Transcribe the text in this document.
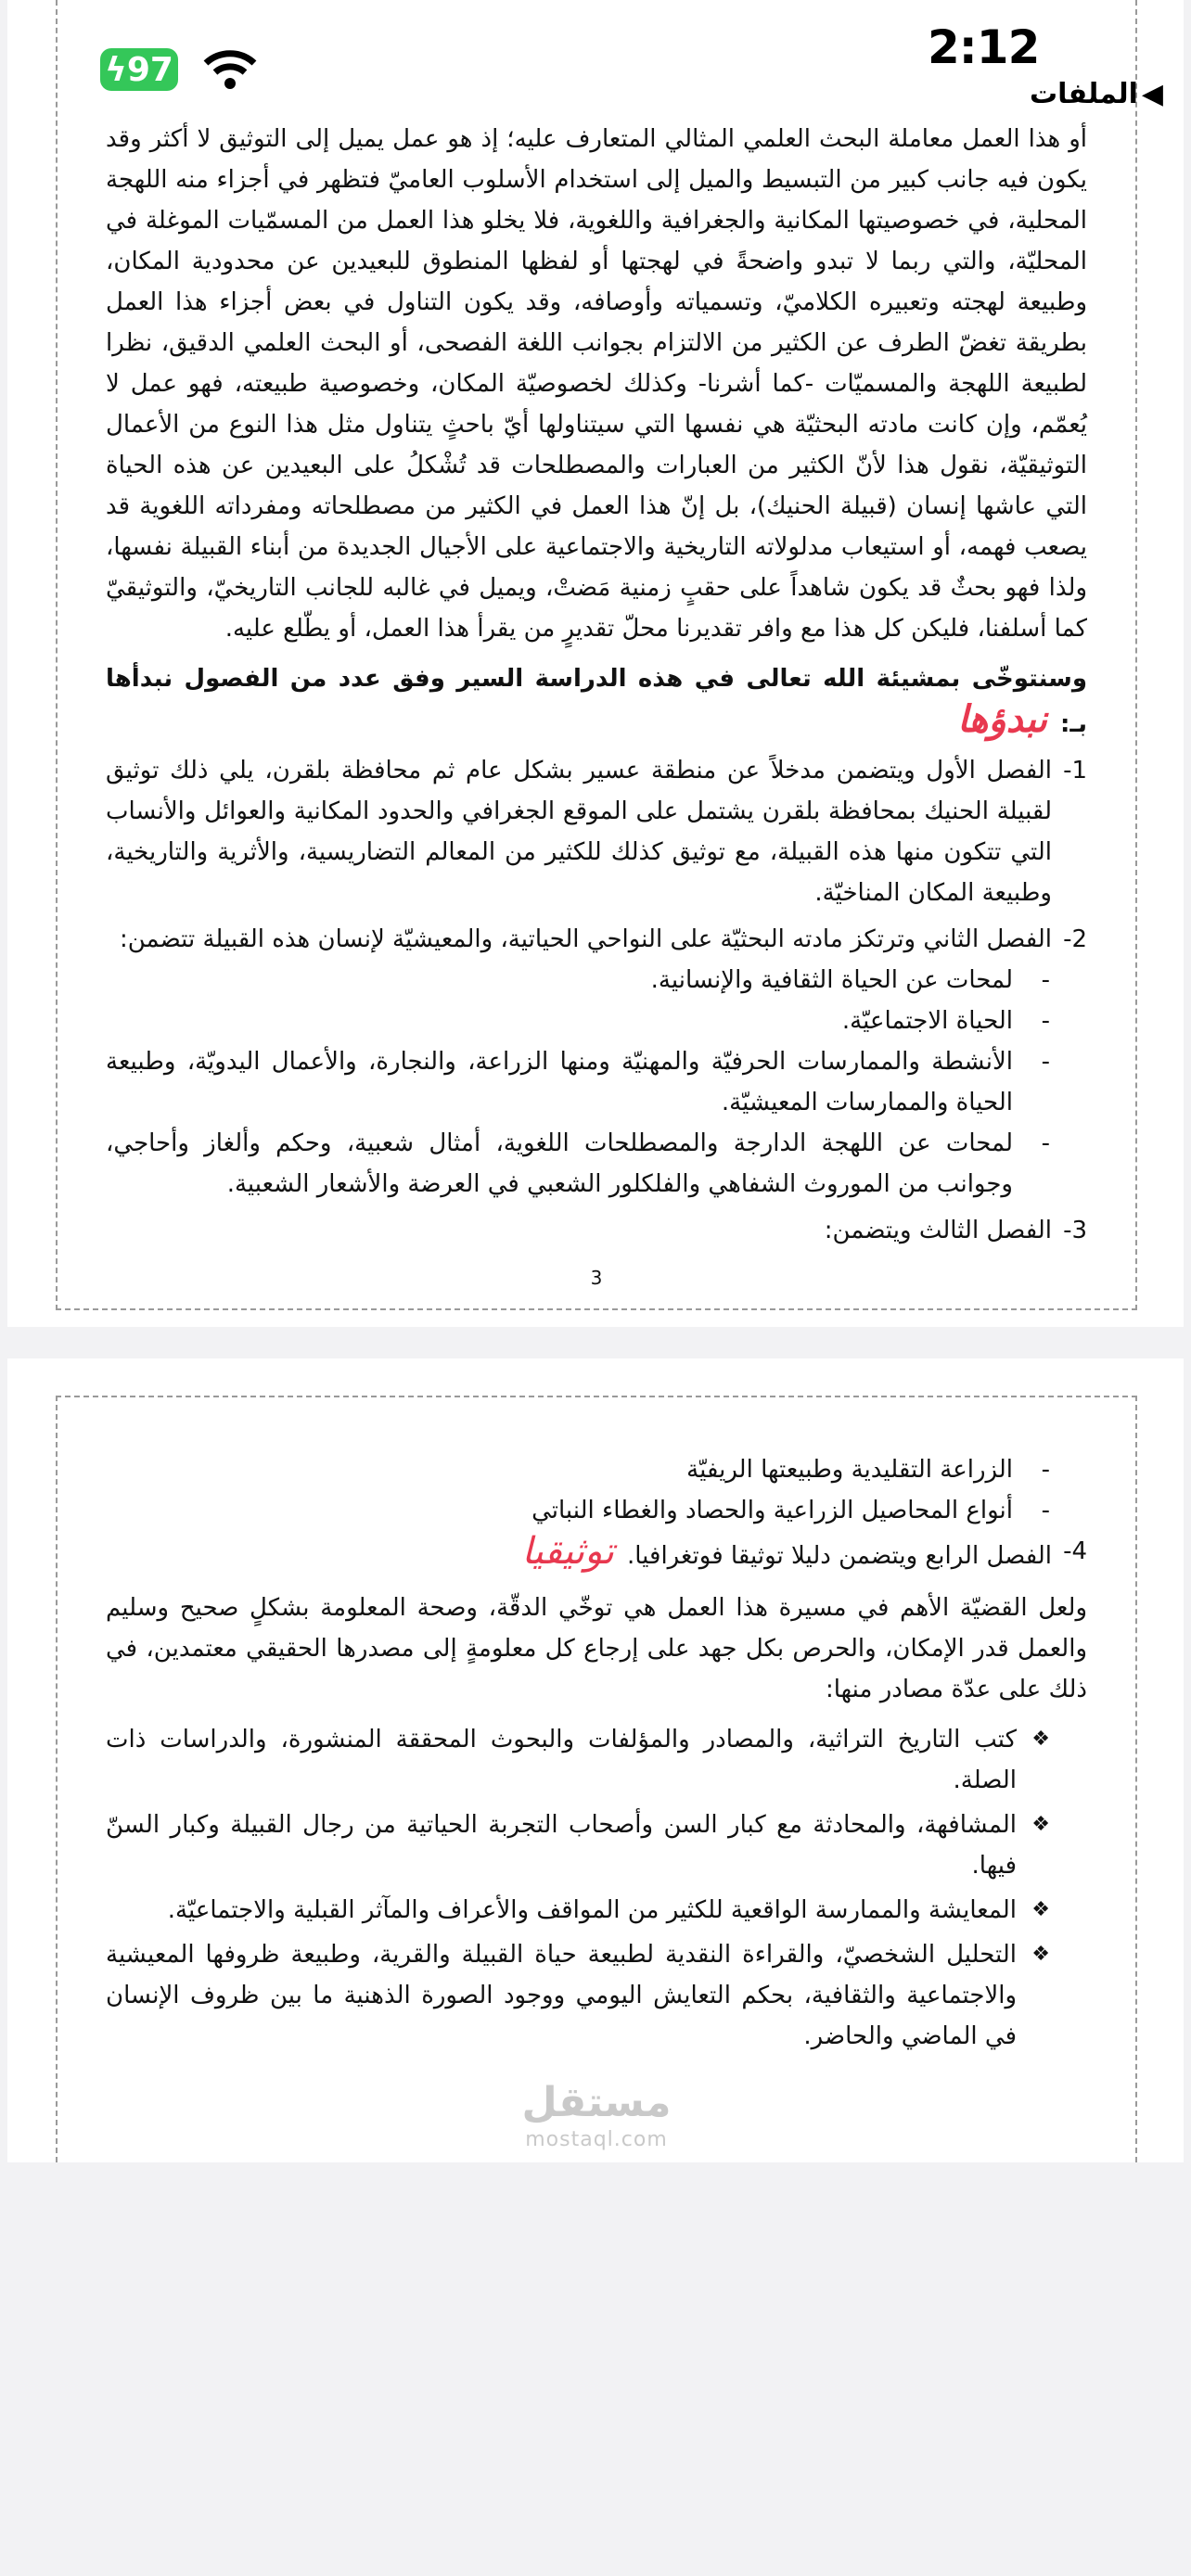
أو هذا العمل معاملة البحث العلمي المثالي المتعارف عليه؛ إذ هو عمل يميل إلى التوثيق لا أكثر وقد يكون فيه جانب كبير من التبسيط والميل إلى استخدام الأسلوب العاميّ فتظهر في أجزاء منه اللهجة المحلية، في خصوصيتها المكانية والجغرافية واللغوية، فلا يخلو هذا العمل من المسمّيات الموغلة في المحليّة، والتي ربما لا تبدو واضحةً في لهجتها أو لفظها المنطوق للبعيدين عن محدودية المكان، وطبيعة لهجته وتعبيره الكلاميّ، وتسمياته وأوصافه، وقد يكون التناول في بعض أجزاء هذا العمل بطريقة تغضّ الطرف عن الكثير من الالتزام بجوانب اللغة الفصحى، أو البحث العلمي الدقيق، نظرا لطبيعة اللهجة والمسميّات -كما أشرنا- وكذلك لخصوصيّة المكان، وخصوصية طبيعته، فهو عمل لا يُعمّم، وإن كانت مادته البحثيّة هي نفسها التي سيتناولها أيّ باحثٍ يتناول مثل هذا النوع من الأعمال التوثيقيّة، نقول هذا لأنّ الكثير من العبارات والمصطلحات قد تُشْكلُ على البعيدين عن هذه الحياة التي عاشها إنسان (قبيلة الحنيك)، بل إنّ هذا العمل في الكثير من مصطلحاته ومفرداته اللغوية قد يصعب فهمه، أو استيعاب مدلولاته التاريخية والاجتماعية على الأجيال الجديدة من أبناء القبيلة نفسها، ولذا فهو بحثٌ قد يكون شاهداً على حقبٍ زمنية مَضتْ، ويميل في غالبه للجانب التاريخيّ، والتوثيقيّ كما أسلفنا، فليكن كل هذا مع وافر تقديرنا محلّ تقديرٍ من يقرأ هذا العمل، أو يطّلع عليه.

وسنتوخّى بمشيئة الله تعالى في هذه الدراسة السير وفق عدد من الفصول نبدأها بـ:نبدؤها

1-
الفصل الأول ويتضمن مدخلاً عن منطقة عسير بشكل عام ثم محافظة بلقرن، يلي ذلك توثيق لقبيلة الحنيك بمحافظة بلقرن يشتمل على الموقع الجغرافي والحدود المكانية والعوائل والأنساب التي تتكون منها هذه القبيلة، مع توثيق كذلك للكثير من المعالم التضاريسية، والأثرية والتاريخية، وطبيعة المكان المناخيّة.
2-
الفصل الثاني وترتكز مادته البحثيّة على النواحي الحياتية، والمعيشيّة لإنسان هذه القبيلة تتضمن:
-
لمحات عن الحياة الثقافية والإنسانية.
-
الحياة الاجتماعيّة.
-
الأنشطة والممارسات الحرفيّة والمهنيّة ومنها الزراعة، والنجارة، والأعمال اليدويّة، وطبيعة الحياة والممارسات المعيشيّة.
-
لمحات عن اللهجة الدارجة والمصطلحات اللغوية، أمثال شعبية، وحكم وألغاز وأحاجي، وجوانب من الموروث الشفاهي والفلكلور الشعبي في العرضة والأشعار الشعبية.
3-
الفصل الثالث ويتضمن:
3
-
الزراعة التقليدية وطبيعتها الريفيّة
-
أنواع المحاصيل الزراعية والحصاد والغطاء النباتي
4-
الفصل الرابع ويتضمن دليلا توثيقا فوتغرافيا.توثيقيا

ولعل القضيّة الأهم في مسيرة هذا العمل هي توخّي الدقّة، وصحة المعلومة بشكلٍ صحيح وسليم والعمل قدر الإمكان، والحرص بكل جهد على إرجاع كل معلومةٍ إلى مصدرها الحقيقي معتمدين، في ذلك على عدّة مصادر منها:

❖
كتب التاريخ التراثية، والمصادر والمؤلفات والبحوث المحققة المنشورة، والدراسات ذات الصلة.
❖
المشافهة، والمحادثة مع كبار السن وأصحاب التجربة الحياتية من رجال القبيلة وكبار السنّ فيها.
❖
المعايشة والممارسة الواقعية للكثير من المواقف والأعراف والمآثر القبلية والاجتماعيّة.
❖
التحليل الشخصيّ، والقراءة النقدية لطبيعة حياة القبيلة والقرية، وطبيعة ظروفها المعيشية والاجتماعية والثقافية، بحكم التعايش اليومي ووجود الصورة الذهنية ما بين ظروف الإنسان في الماضي والحاضر.
مستقل
mostaql.com
2:12
ϟ 97
◀
الملفات
